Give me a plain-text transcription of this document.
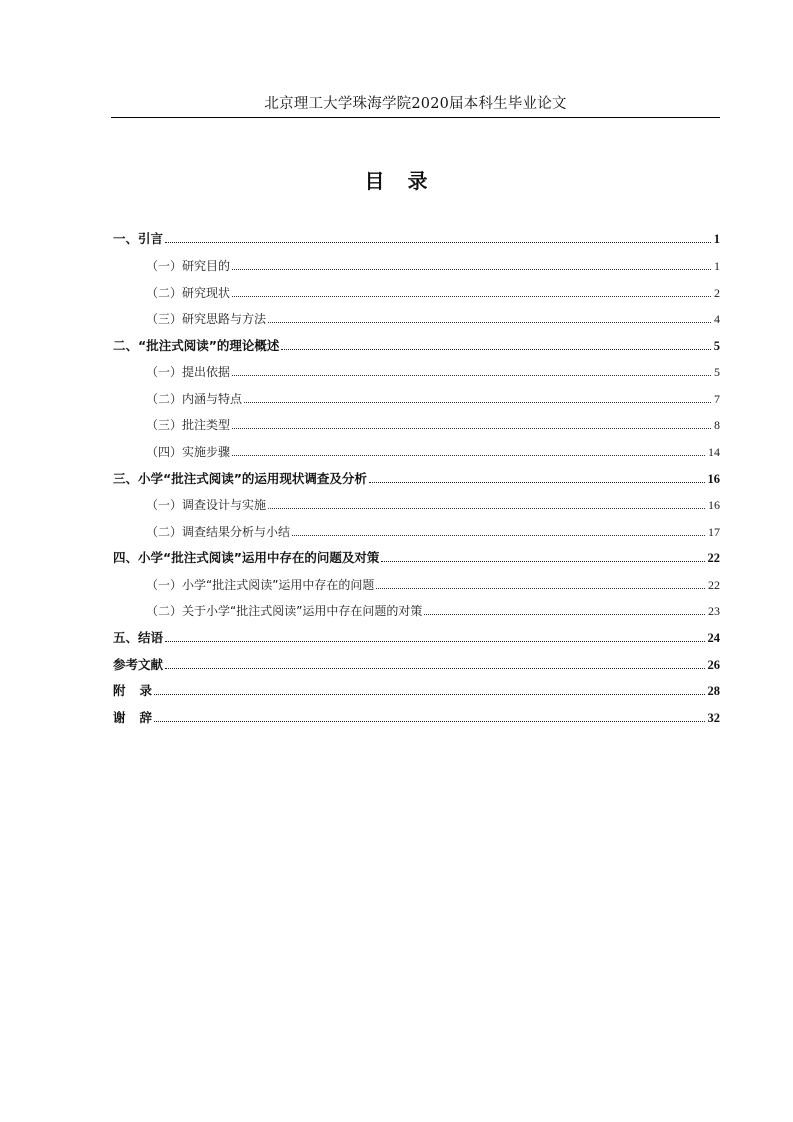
北京理工大学珠海学院2020届本科生毕业论文
目 录
一、引言	1
（一）研究目的	1
（二）研究现状	2
（三）研究思路与方法	4
二、“批注式阅读”的理论概述	5
（一）提出依据	5
（二）内涵与特点	7
（三）批注类型	8
（四）实施步骤	14
三、小学“批注式阅读”的运用现状调查及分析	16
（一）调查设计与实施	16
（二）调查结果分析与小结	17
四、小学“批注式阅读”运用中存在的问题及对策	22
（一）小学“批注式阅读”运用中存在的问题	22
（二）关于小学“批注式阅读”运用中存在问题的对策	23
五、结语	24
参考文献	26
附 录	28
谢 辞	32
